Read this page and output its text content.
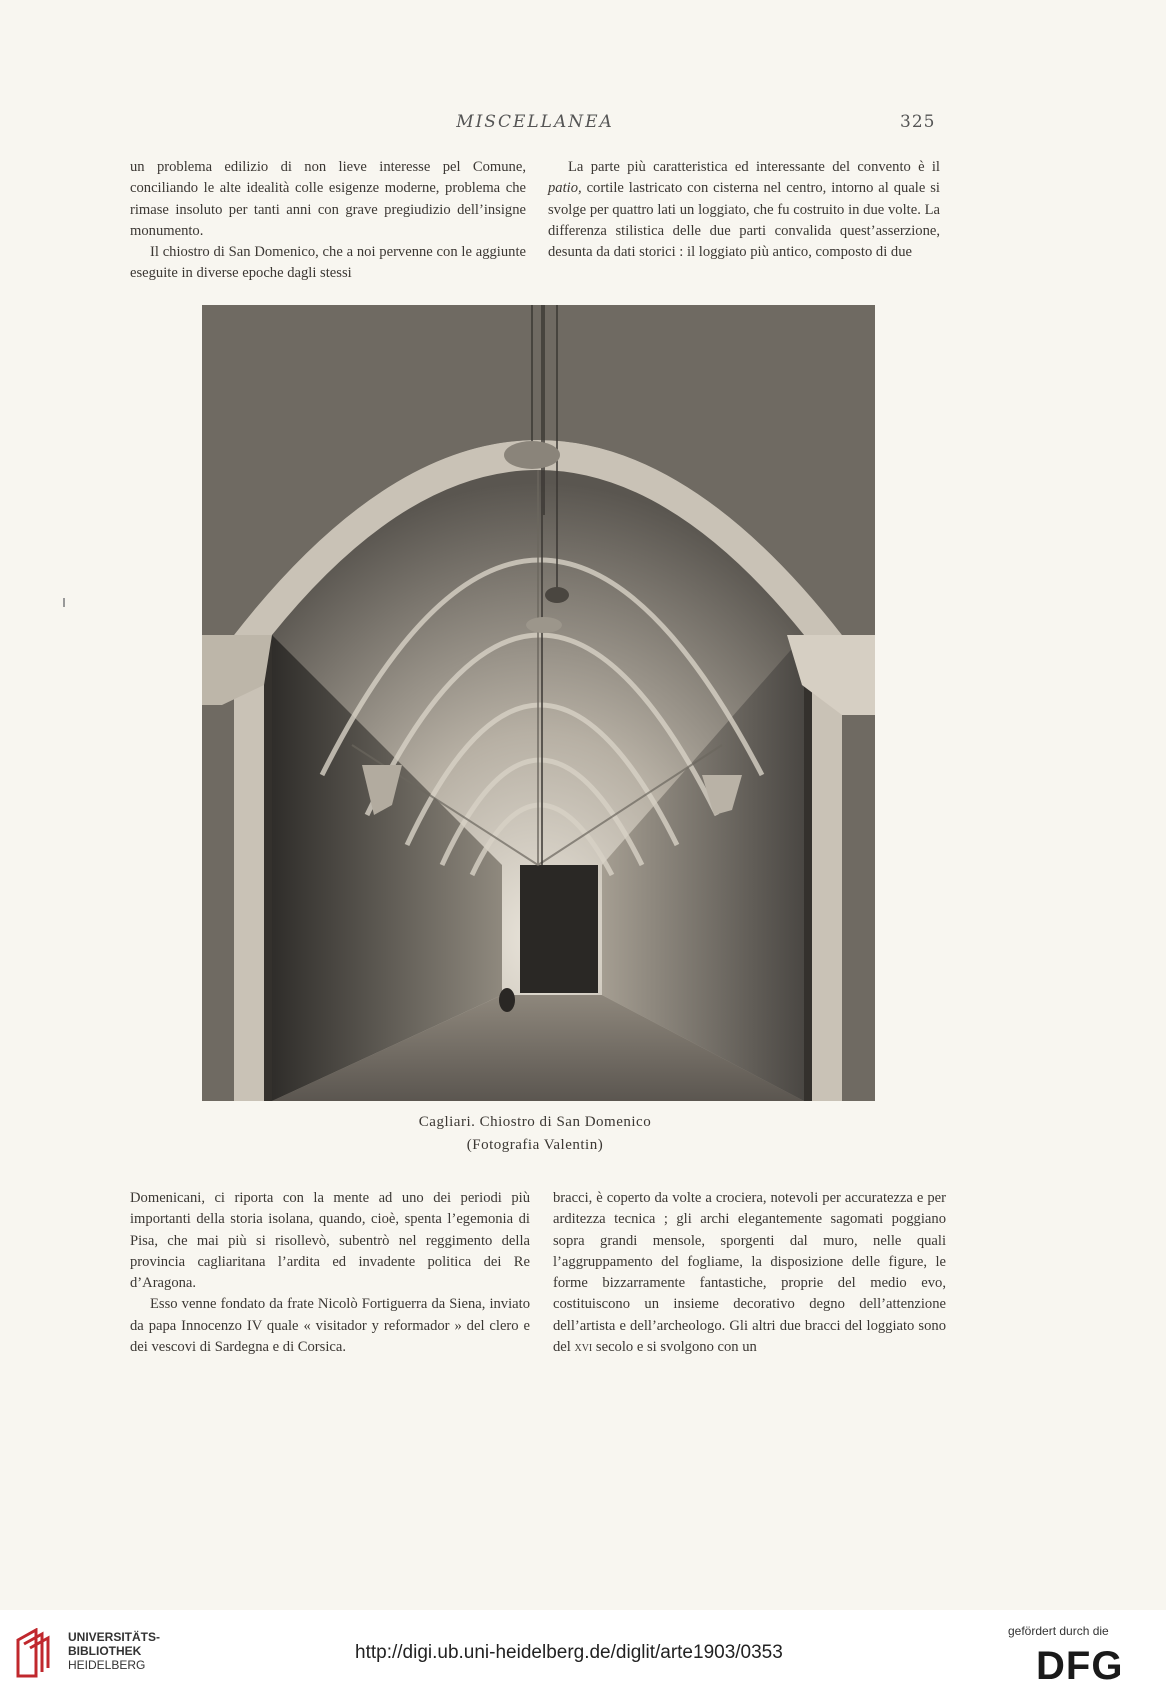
MISCELLANEA	325

un problema edilizio di non lieve interesse pel Comune, conciliando le alte idealità colle esigenze moderne, problema che rimase insoluto per tanti anni con grave pregiudizio dell’insigne monumento.

Il chiostro di San Domenico, che a noi pervenne con le aggiunte eseguite in diverse epoche dagli stessi

La parte più caratteristica ed interessante del convento è il patio, cortile lastricato con cisterna nel centro, intorno al quale si svolge per quattro lati un loggiato, che fu costruito in due volte. La differenza stilistica delle due parti convalida quest’asserzione, desunta da dati storici : il loggiato più antico, composto di due

Cagliari. Chiostro di San Domenico
(Fotografia Valentin)

Domenicani, ci riporta con la mente ad uno dei periodi più importanti della storia isolana, quando, cioè, spenta l’egemonia di Pisa, che mai più si risollevò, subentrò nel reggimento della provincia cagliaritana l’ardita ed invadente politica dei Re d’Aragona.

Esso venne fondato da frate Nicolò Fortiguerra da Siena, inviato da papa Innocenzo IV quale « visitador y reformador » del clero e dei vescovi di Sardegna e di Corsica.

bracci, è coperto da volte a crociera, notevoli per accuratezza e per arditezza tecnica ; gli archi elegantemente sagomati poggiano sopra grandi mensole, sporgenti dal muro, nelle quali l’aggruppamento del fogliame, la disposizione delle figure, le forme bizzarramente fantastiche, proprie del medio evo, costituiscono un insieme decorativo degno dell’attenzione dell’artista e dell’archeologo. Gli altri due bracci del loggiato sono del xvi secolo e si svolgono con un

UNIVERSITÄTS-
BIBLIOTHEK
HEIDELBERG
http://digi.ub.uni-heidelberg.de/diglit/arte1903/0353
gefördert durch die
DFG
